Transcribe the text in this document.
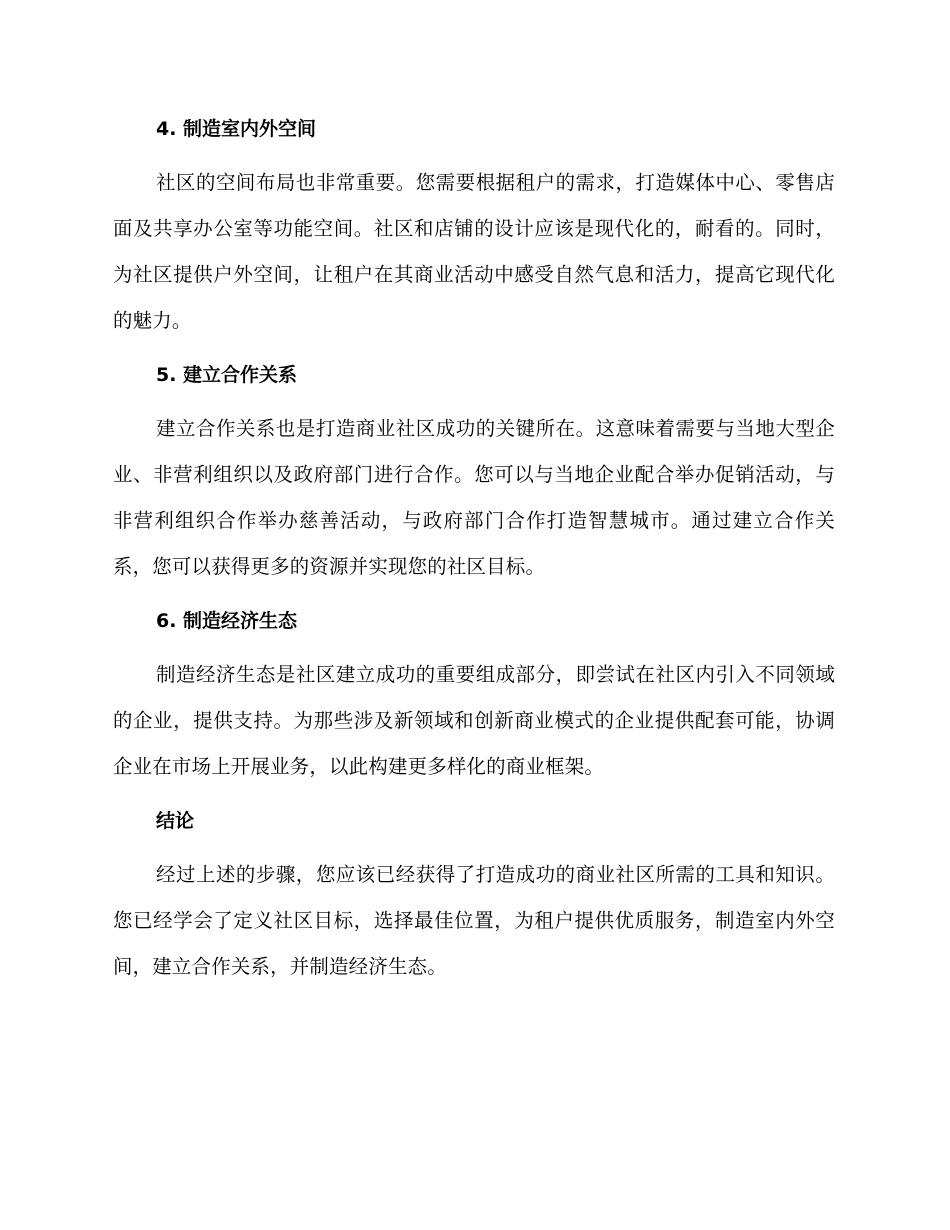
4. 制造室内外空间

社区的空间布局也非常重要。您需要根据租户的需求，打造媒体中心、零售店面及共享办公室等功能空间。社区和店铺的设计应该是现代化的，耐看的。同时，为社区提供户外空间，让租户在其商业活动中感受自然气息和活力，提高它现代化的魅力。

5. 建立合作关系

建立合作关系也是打造商业社区成功的关键所在。这意味着需要与当地大型企业、非营利组织以及政府部门进行合作。您可以与当地企业配合举办促销活动，与非营利组织合作举办慈善活动，与政府部门合作打造智慧城市。通过建立合作关系，您可以获得更多的资源并实现您的社区目标。

6. 制造经济生态

制造经济生态是社区建立成功的重要组成部分，即尝试在社区内引入不同领域的企业，提供支持。为那些涉及新领域和创新商业模式的企业提供配套可能，协调企业在市场上开展业务，以此构建更多样化的商业框架。

结论

经过上述的步骤，您应该已经获得了打造成功的商业社区所需的工具和知识。您已经学会了定义社区目标，选择最佳位置，为租户提供优质服务，制造室内外空间，建立合作关系，并制造经济生态。
